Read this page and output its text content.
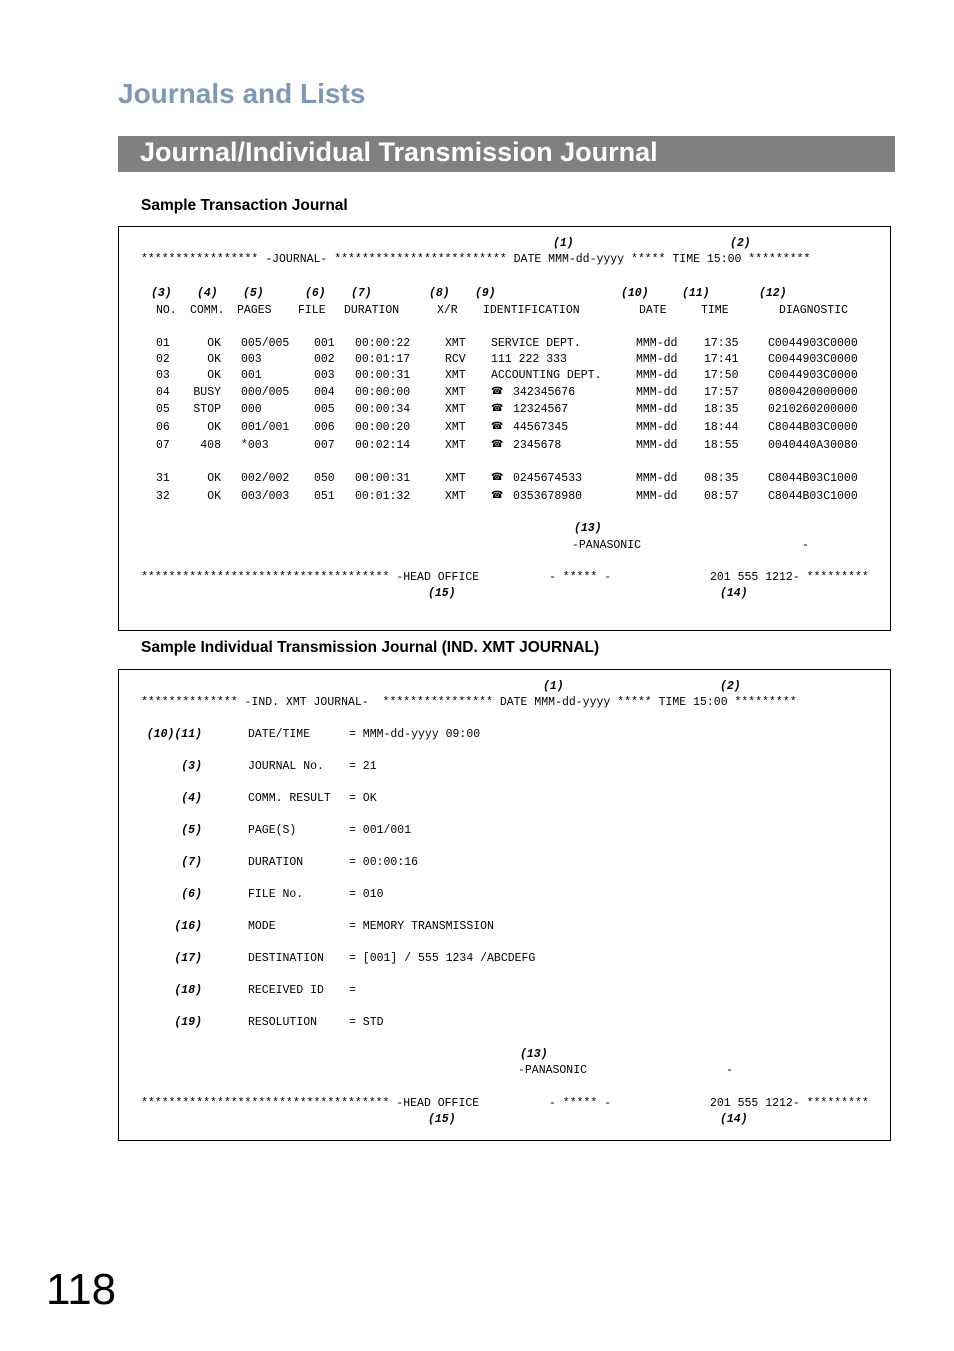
Journals and Lists
Journal/Individual Transmission Journal
Sample Transaction Journal
(1)	(2)
***************** -JOURNAL- ************************* DATE MMM-dd-yyyy ***** TIME 15:00 *********
(3) (4) (5)	(6) (7)	(8) (9)	(10)	(11)	(12)
NO. COMM. PAGES FILE DURATION	X/R IDENTIFICATION	DATE	TIME	DIAGNOSTIC
01	OK 005/005 001 00:00:22	XMT SERVICE DEPT.	MMM-dd 17:35	C0044903C0000
02	OK 003	002 00:01:17	RCV 111 222 333	MMM-dd 17:41	C0044903C0000
03	OK 001	003 00:00:31	XMT ACCOUNTING DEPT.	MMM-dd 17:50	C0044903C0000
04 BUSY 000/005 004 00:00:00	XMT	☎ 342345676	MMM-dd 17:57	0800420000000
05 STOP 000	005 00:00:34	XMT	☎ 12324567	MMM-dd 18:35	0210260200000
06	OK 001/001 006 00:00:20	XMT	☎ 44567345	MMM-dd 18:44	C8044B03C0000
07	408 *003	007 00:02:14	XMT	☎ 2345678	MMM-dd 18:55	0040440A30080
31	OK 002/002 050 00:00:31	XMT	☎ 0245674533	MMM-dd 08:35	C8044B03C1000
32	OK 003/003 051 00:01:32	XMT	☎ 0353678980	MMM-dd 08:57	C8044B03C1000
(13)
-PANASONIC	-
************************************ -HEAD OFFICE	- ***** -	201 555 1212- *********
(15)	(14)
Sample Individual Transmission Journal (IND. XMT JOURNAL)
(1)	(2)
************** -IND. XMT JOURNAL-  **************** DATE MMM-dd-yyyy ***** TIME 15:00 *********
(10)(11)	DATE/TIME	= MMM-dd-yyyy 09:00
(3)	JOURNAL No. = 21
(4)	COMM. RESULT = OK
(5)	PAGE(S)	= 001/001
(7)	DURATION	= 00:00:16
(6)	FILE No.	= 010
(16)	MODE	= MEMORY TRANSMISSION
(17)	DESTINATION = [001] / 555 1234 /ABCDEFG
(18)	RECEIVED ID =
(19)	RESOLUTION	= STD
(13)
-PANASONIC	-
************************************ -HEAD OFFICE	- ***** -	201 555 1212- *********
(15)	(14)
118
